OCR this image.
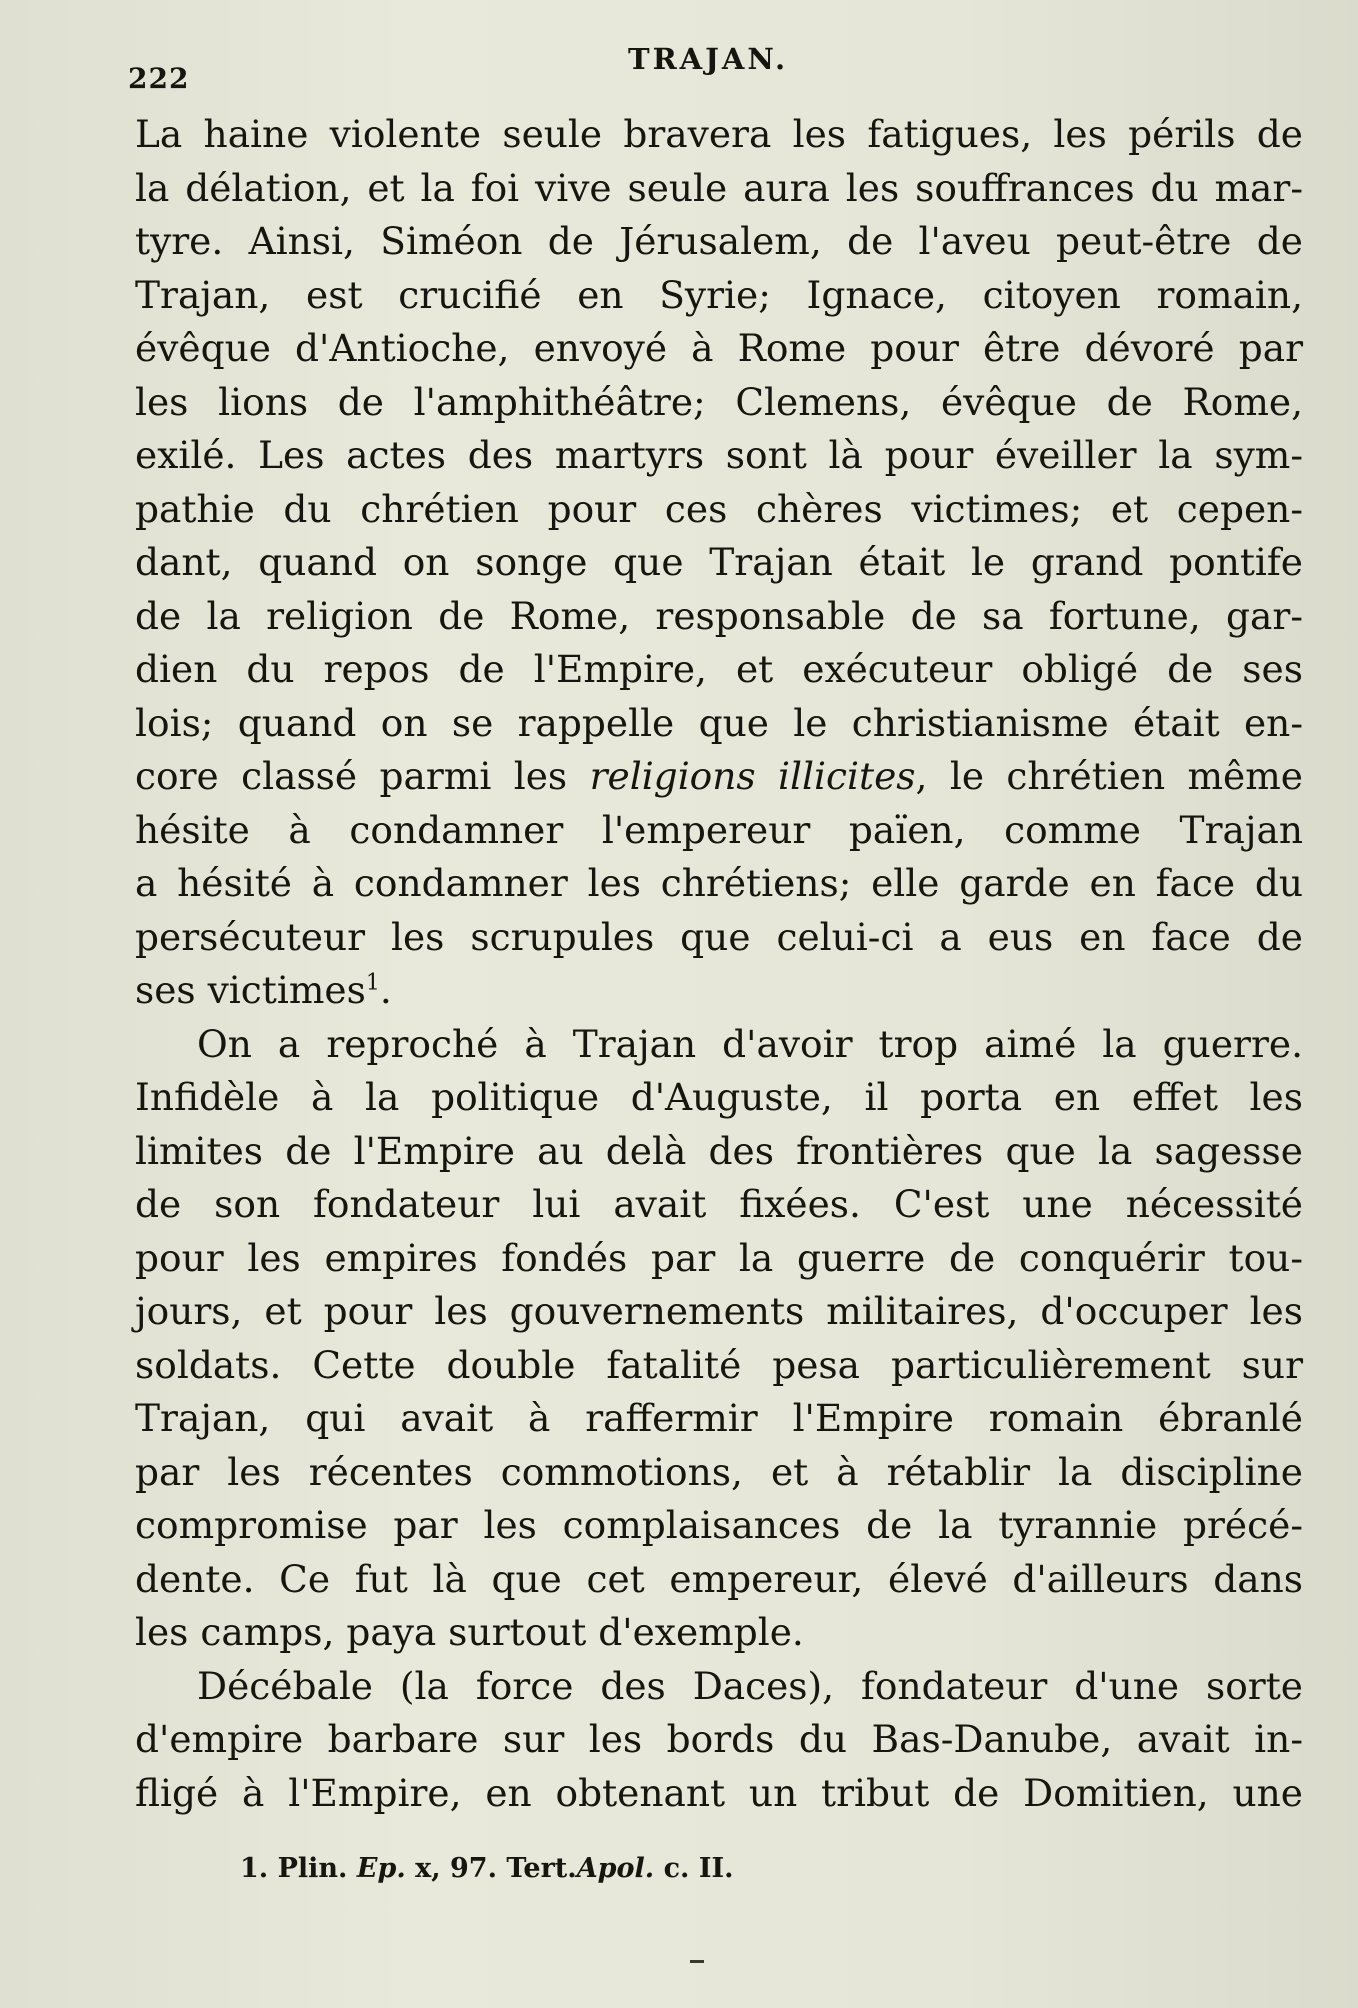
222
TRAJAN.
La haine violente seule bravera les fatigues, les périls de
la délation, et la foi vive seule aura les souffrances du mar-
tyre. Ainsi, Siméon de Jérusalem, de l'aveu peut-être de
Trajan, est crucifié en Syrie; Ignace, citoyen romain,
évêque d'Antioche, envoyé à Rome pour être dévoré par
les lions de l'amphithéâtre; Clemens, évêque de Rome,
exilé. Les actes des martyrs sont là pour éveiller la sym-
pathie du chrétien pour ces chères victimes; et cepen-
dant, quand on songe que Trajan était le grand pontife
de la religion de Rome, responsable de sa fortune, gar-
dien du repos de l'Empire, et exécuteur obligé de ses
lois; quand on se rappelle que le christianisme était en-
core classé parmi les religions illicites, le chrétien même
hésite à condamner l'empereur païen, comme Trajan
a hésité à condamner les chrétiens; elle garde en face du
persécuteur les scrupules que celui-ci a eus en face de
ses victimes$^1$.
On a reproché à Trajan d'avoir trop aimé la guerre.
Infidèle à la politique d'Auguste, il porta en effet les
limites de l'Empire au delà des frontières que la sagesse
de son fondateur lui avait fixées. C'est une nécessité
pour les empires fondés par la guerre de conquérir tou-
jours, et pour les gouvernements militaires, d'occuper les
soldats. Cette double fatalité pesa particulièrement sur
Trajan, qui avait à raffermir l'Empire romain ébranlé
par les récentes commotions, et à rétablir la discipline
compromise par les complaisances de la tyrannie précé-
dente. Ce fut là que cet empereur, élevé d'ailleurs dans
les camps, paya surtout d'exemple.
Décébale (la force des Daces), fondateur d'une sorte
d'empire barbare sur les bords du Bas-Danube, avait in-
fligé à l'Empire, en obtenant un tribut de Domitien, une
1. Plin. Ep. x, 97. Tert.Apol. c. II.
